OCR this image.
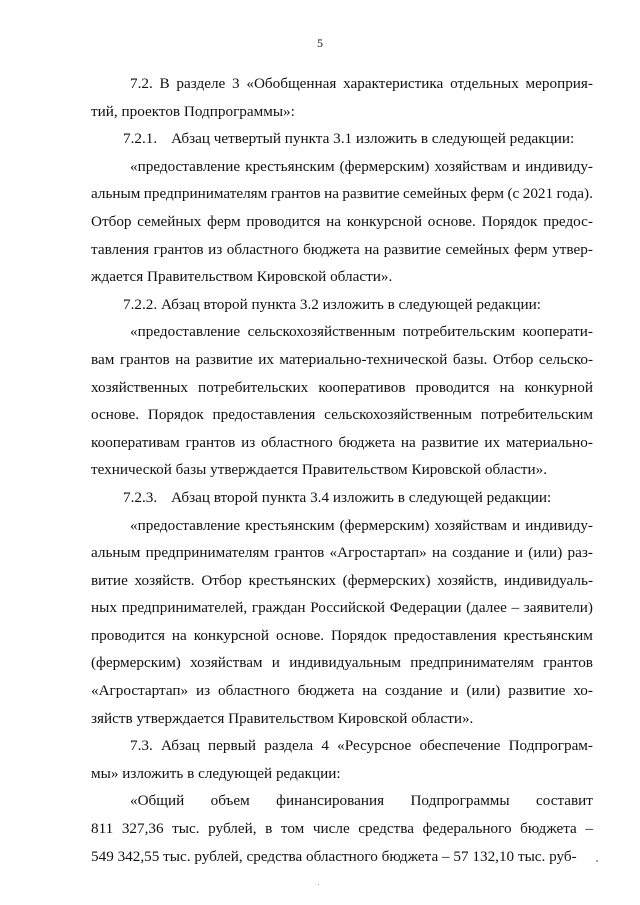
5
7.2. В разделе 3 «Обобщенная характеристика отдельных мероприя-
тий, проектов Подпрограммы»:
7.2.1. Абзац четвертый пункта 3.1 изложить в следующей редакции:
«предоставление крестьянским (фермерским) хозяйствам и индивиду-
альным предпринимателям грантов на развитие семейных ферм (с 2021 года).
Отбор семейных ферм проводится на конкурсной основе. Порядок предос-
тавления грантов из областного бюджета на развитие семейных ферм утвер-
ждается Правительством Кировской области».
7.2.2. Абзац второй пункта 3.2 изложить в следующей редакции:
«предоставление сельскохозяйственным потребительским кооперати-
вам грантов на развитие их материально-технической базы. Отбор сельско-
хозяйственных потребительских кооперативов проводится на конкурной
основе. Порядок предоставления сельскохозяйственным потребительским
кооперативам грантов из областного бюджета на развитие их материально-
технической базы утверждается Правительством Кировской области».
7.2.3. Абзац второй пункта 3.4 изложить в следующей редакции:
«предоставление крестьянским (фермерским) хозяйствам и индивиду-
альным предпринимателям грантов «Агростартап» на создание и (или) раз-
витие хозяйств. Отбор крестьянских (фермерских) хозяйств, индивидуаль-
ных предпринимателей, граждан Российской Федерации (далее – заявители)
проводится на конкурсной основе. Порядок предоставления крестьянским
(фермерским) хозяйствам и индивидуальным предпринимателям грантов
«Агростартап» из областного бюджета на создание и (или) развитие хо-
зяйств утверждается Правительством Кировской области».
7.3. Абзац первый раздела 4 «Ресурсное обеспечение Подпрограм-
мы» изложить в следующей редакции:
«Общий объем финансирования Подпрограммы составит
811 327,36 тыс. рублей, в том числе средства федерального бюджета –
549 342,55 тыс. рублей, средства областного бюджета – 57 132,10 тыс. руб-
